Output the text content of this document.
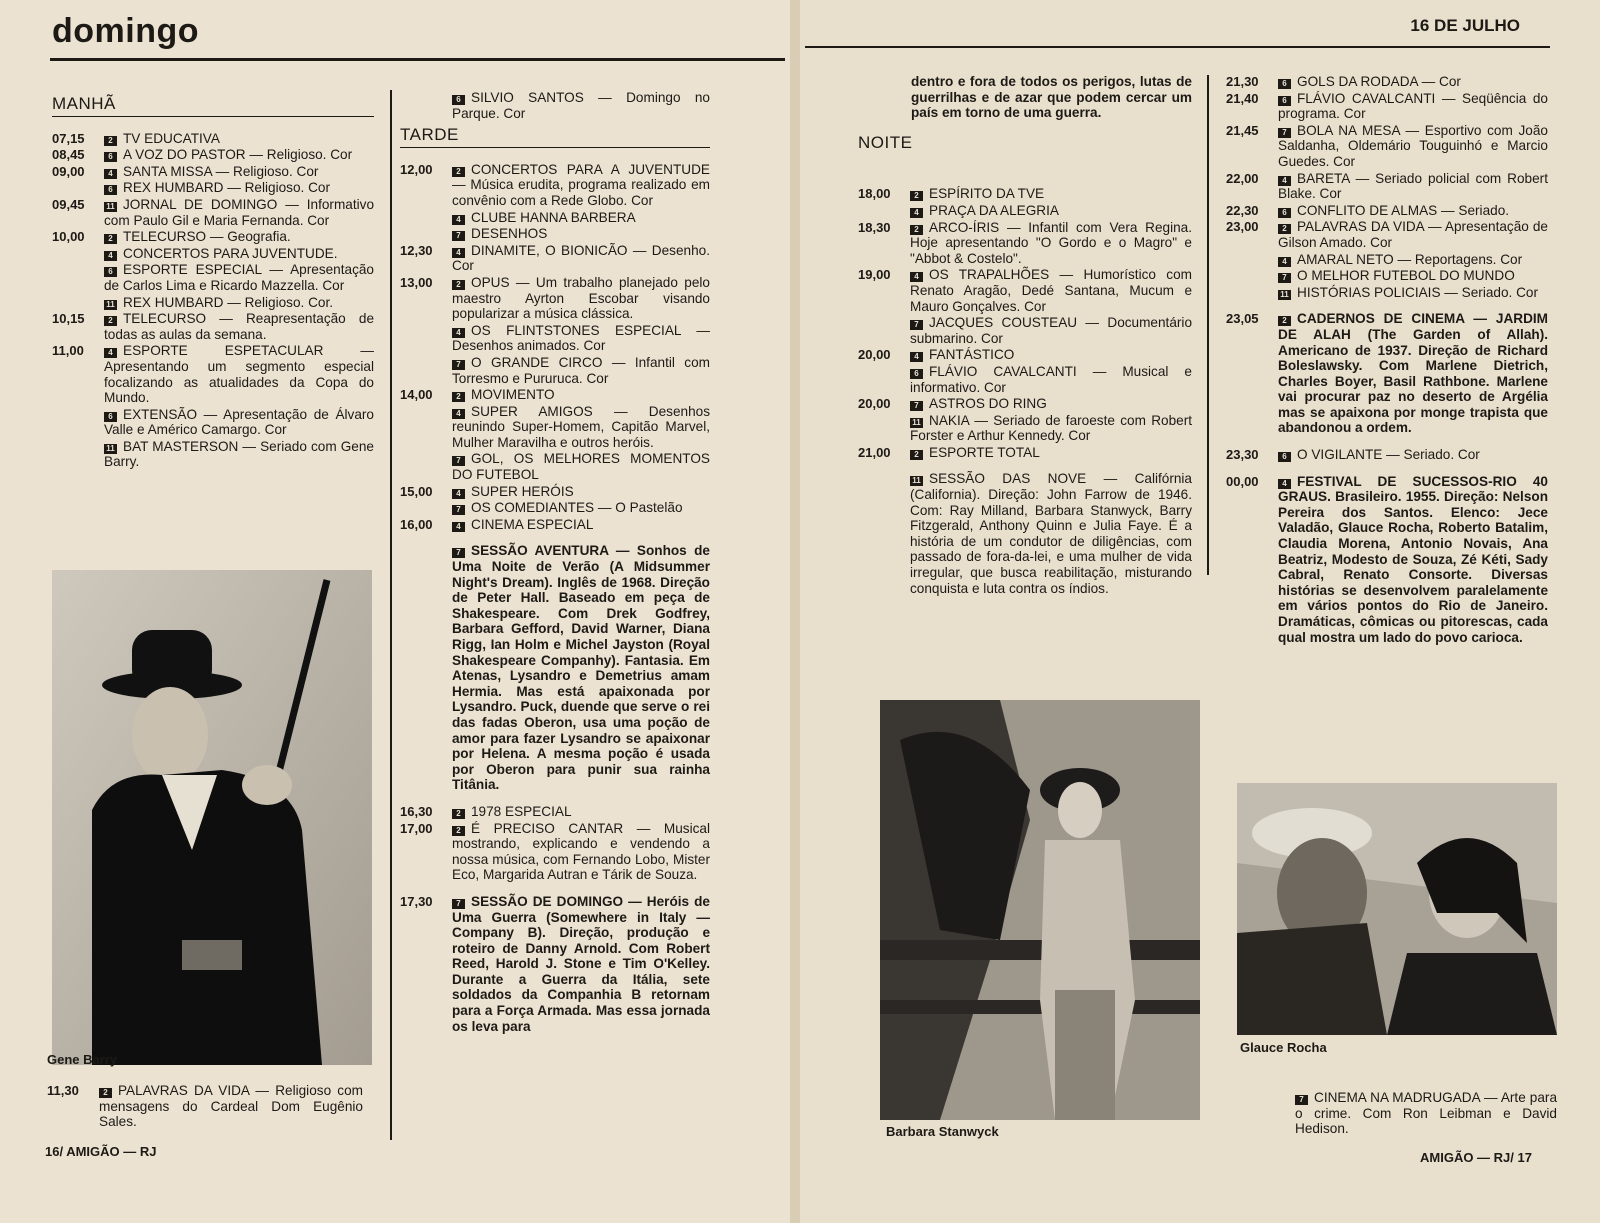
domingo	16 DE JULHO
MANHÃ
07,15	2 TV EDUCATIVA
08,45	6 A VOZ DO PASTOR — Religioso. Cor
09,00	4 SANTA MISSA — Religioso. Cor
6 REX HUMBARD — Religioso. Cor
09,45	11 JORNAL DE DOMINGO — Informativo com Paulo Gil e Maria Fernanda. Cor
10,00	2 TELECURSO — Geografia.
4 CONCERTOS PARA JUVENTUDE.
6 ESPORTE ESPECIAL — Apresentação de Carlos Lima e Ricardo Mazzella. Cor
11 REX HUMBARD — Religioso. Cor.
10,15	2 TELECURSO — Reapresentação de todas as aulas da semana.
11,00	4 ESPORTE ESPETACULAR — Apresentando um segmento especial focalizando as atualidades da Copa do Mundo.
6 EXTENSÃO — Apresentação de Álvaro Valle e Américo Camargo. Cor
11 BAT MASTERSON — Seriado com Gene Barry.
Gene Barry
11,30	2 PALAVRAS DA VIDA — Religioso com mensagens do Cardeal Dom Eugênio Sales.
16/ AMIGÃO — RJ
6 SILVIO SANTOS — Domingo no Parque. Cor
TARDE
12,00	2 CONCERTOS PARA A JUVENTUDE — Música erudita, programa realizado em convênio com a Rede Globo. Cor
4 CLUBE HANNA BARBERA
7 DESENHOS
12,30	4 DINAMITE, O BIONICÃO — Desenho. Cor
13,00	2 OPUS — Um trabalho planejado pelo maestro Ayrton Escobar visando popularizar a música clássica.
4 OS FLINTSTONES ESPECIAL — Desenhos animados. Cor
7 O GRANDE CIRCO — Infantil com Torresmo e Pururuca. Cor
14,00	2 MOVIMENTO
4 SUPER AMIGOS — Desenhos reunindo Super-Homem, Capitão Marvel, Mulher Maravilha e outros heróis.
7 GOL, OS MELHORES MOMENTOS DO FUTEBOL
15,00	4 SUPER HERÓIS
7 OS COMEDIANTES — O Pastelão
16,00	4 CINEMA ESPECIAL
7 SESSÃO AVENTURA — Sonhos de Uma Noite de Verão (A Midsummer Night's Dream). Inglês de 1968. Direção de Peter Hall. Baseado em peça de Shakespeare. Com Drek Godfrey, Barbara Gefford, David Warner, Diana Rigg, Ian Holm e Michel Jayston (Royal Shakespeare Companhy). Fantasia. Em Atenas, Lysandro e Demetrius amam Hermia. Mas está apaixonada por Lysandro. Puck, duende que serve o rei das fadas Oberon, usa uma poção de amor para fazer Lysandro se apaixonar por Helena. A mesma poção é usada por Oberon para punir sua rainha Titânia.
16,30	2 1978 ESPECIAL
17,00	2 É PRECISO CANTAR — Musical mostrando, explicando e vendendo a nossa música, com Fernando Lobo, Mister Eco, Margarida Autran e Tárik de Souza.
17,30	7 SESSÃO DE DOMINGO — Heróis de Uma Guerra (Somewhere in Italy — Company B). Direção, produção e roteiro de Danny Arnold. Com Robert Reed, Harold J. Stone e Tim O'Kelley. Durante a Guerra da Itália, sete soldados da Companhia B retornam para a Força Armada. Mas essa jornada os leva para
dentro e fora de todos os perigos, lutas de guerrilhas e de azar que podem cercar um país em torno de uma guerra.
NOITE
18,00	2 ESPÍRITO DA TVE
4 PRAÇA DA ALEGRIA
18,30	2 ARCO-ÍRIS — Infantil com Vera Regina. Hoje apresentando "O Gordo e o Magro" e "Abbot & Costelo".
19,00	4 OS TRAPALHÕES — Humorístico com Renato Aragão, Dedé Santana, Mucum e Mauro Gonçalves. Cor
7 JACQUES COUSTEAU — Documentário submarino. Cor
20,00	4 FANTÁSTICO
6 FLÁVIO CAVALCANTI — Musical e informativo. Cor
20,00	7 ASTROS DO RING
11 NAKIA — Seriado de faroeste com Robert Forster e Arthur Kennedy. Cor
21,00	2 ESPORTE TOTAL
11 SESSÃO DAS NOVE — Califórnia (California). Direção: John Farrow de 1946. Com: Ray Milland, Barbara Stanwyck, Barry Fitzgerald, Anthony Quinn e Julia Faye. É a história de um condutor de diligências, com passado de fora-da-lei, e uma mulher de vida irregular, que busca reabilitação, misturando conquista e luta contra os índios.
Barbara Stanwyck
21,30	6 GOLS DA RODADA — Cor
21,40	6 FLÁVIO CAVALCANTI — Seqüência do programa. Cor
21,45	7 BOLA NA MESA — Esportivo com João Saldanha, Oldemário Touguinhó e Marcio Guedes. Cor
22,00	4 BARETA — Seriado policial com Robert Blake. Cor
22,30	6 CONFLITO DE ALMAS — Seriado.
23,00	2 PALAVRAS DA VIDA — Apresentação de Gilson Amado. Cor
4 AMARAL NETO — Reportagens. Cor
7 O MELHOR FUTEBOL DO MUNDO
11 HISTÓRIAS POLICIAIS — Seriado. Cor
23,05	2 CADERNOS DE CINEMA — JARDIM DE ALAH (The Garden of Allah). Americano de 1937. Direção de Richard Boleslawsky. Com Marlene Dietrich, Charles Boyer, Basil Rathbone. Marlene vai procurar paz no deserto de Argélia mas se apaixona por monge trapista que abandonou a ordem.
23,30	6 O VIGILANTE — Seriado. Cor
00,00	4 FESTIVAL DE SUCESSOS-RIO 40 GRAUS. Brasileiro. 1955. Direção: Nelson Pereira dos Santos. Elenco: Jece Valadão, Glauce Rocha, Roberto Batalim, Claudia Morena, Antonio Novais, Ana Beatriz, Modesto de Souza, Zé Kéti, Sady Cabral, Renato Consorte. Diversas histórias se desenvolvem paralelamente em vários pontos do Rio de Janeiro. Dramáticas, cômicas ou pitorescas, cada qual mostra um lado do povo carioca.
Glauce Rocha
7 CINEMA NA MADRUGADA — Arte para o crime. Com Ron Leibman e David Hedison.
AMIGÃO — RJ/ 17
